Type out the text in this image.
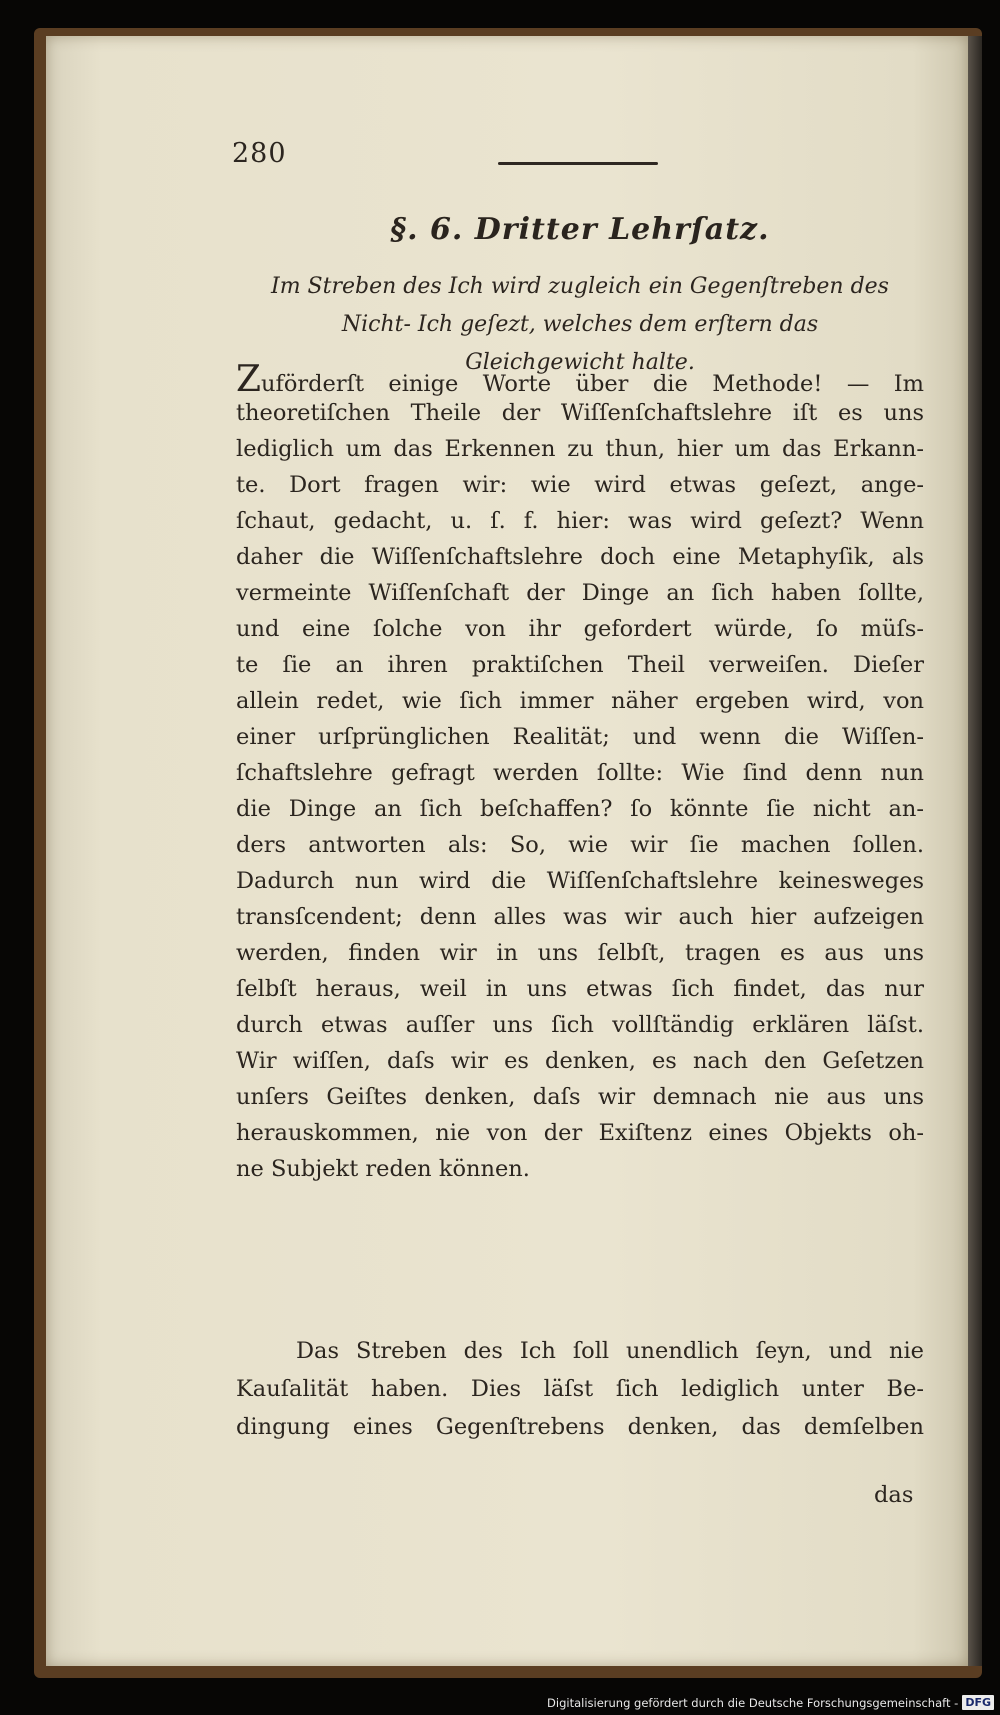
280
§. 6. Dritter Lehrſatz.
Im Streben des Ich wird zugleich ein Gegenſtreben des
Nicht- Ich geſezt, welches dem erſtern das
Gleichgewicht halte.
Zuförderſt einige Worte über die Methode! — Im
theoretiſchen Theile der Wiſſenſchaftslehre iſt es uns
lediglich um das Erkennen zu thun, hier um das Erkann-
te. Dort fragen wir: wie wird etwas geſezt, ange-
ſchaut, gedacht, u. ſ. f. hier: was wird geſezt? Wenn
daher die Wiſſenſchaftslehre doch eine Metaphyſik, als
vermeinte Wiſſenſchaft der Dinge an ſich haben ſollte,
und eine ſolche von ihr gefordert würde, ſo müſs-
te ſie an ihren praktiſchen Theil verweiſen. Dieſer
allein redet, wie ſich immer näher ergeben wird, von
einer urſprünglichen Realität; und wenn die Wiſſen-
ſchaftslehre gefragt werden ſollte: Wie ſind denn nun
die Dinge an ſich beſchaffen? ſo könnte ſie nicht an-
ders antworten als: So, wie wir ſie machen ſollen.
Dadurch nun wird die Wiſſenſchaftslehre keinesweges
transſcendent; denn alles was wir auch hier aufzeigen
werden, finden wir in uns ſelbſt, tragen es aus uns
ſelbſt heraus, weil in uns etwas ſich findet, das nur
durch etwas auſſer uns ſich vollſtändig erklären läſst.
Wir wiſſen, daſs wir es denken, es nach den Geſetzen
unſers Geiſtes denken, daſs wir demnach nie aus uns
herauskommen, nie von der Exiſtenz eines Objekts oh-
ne Subjekt reden können.
Das Streben des Ich ſoll unendlich ſeyn, und nie
Kauſalität haben. Dies läſst ſich lediglich unter Be-
dingung eines Gegenſtrebens denken, das demſelben
das
Digitalisierung gefördert durch die Deutsche Forschungsgemeinschaft - DFG
